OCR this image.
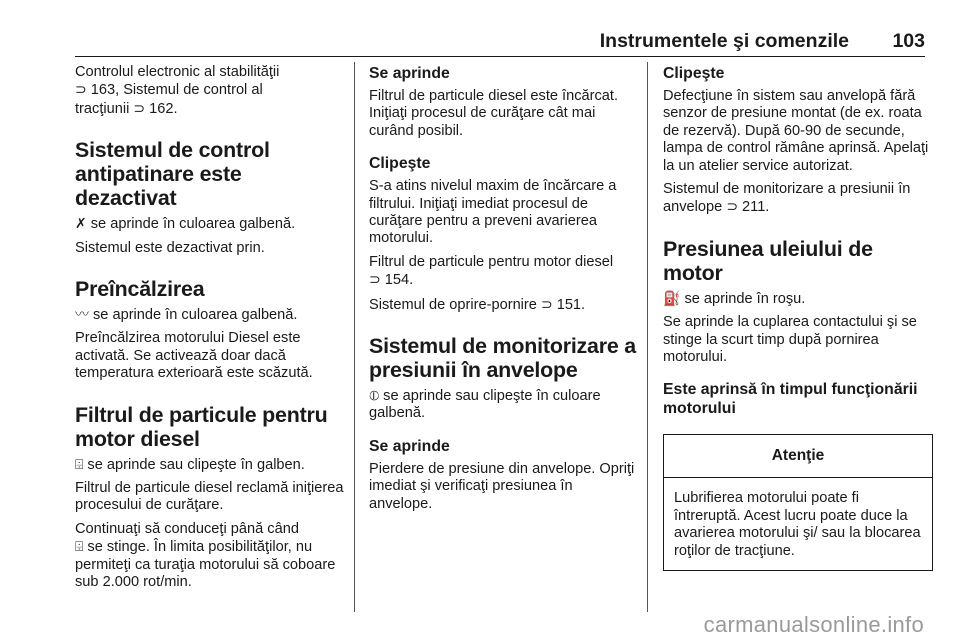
Instrumentele şi comenzile 103

Controlul electronic al stabilităţii
⊃ 163, Sistemul de control al
tracţiunii ⊃ 162.

Sistemul de control antipatinare este dezactivat

✗ se aprinde în culoarea galbenă.

Sistemul este dezactivat prin.

Preîncălzirea

〰 se aprinde în culoarea galbenă.

Preîncălzirea motorului Diesel este activată. Se activează doar dacă temperatura exterioară este scăzută.

Filtrul de particule pentru motor diesel

⌹ se aprinde sau clipeşte în galben.

Filtrul de particule diesel reclamă iniţierea procesului de curăţare.

Continuaţi să conduceţi până când
⌹ se stinge. În limita posibilităţilor, nu permiteţi ca turaţia motorului să coboare sub 2.000 rot/min.

Se aprinde

Filtrul de particule diesel este încărcat. Iniţiaţi procesul de curăţare cât mai curând posibil.

Clipeşte

S-a atins nivelul maxim de încărcare a filtrului. Iniţiaţi imediat procesul de curăţare pentru a preveni avarierea motorului.

Filtrul de particule pentru motor diesel
⊃ 154.

Sistemul de oprire-pornire ⊃ 151.

Sistemul de monitorizare a presiunii în anvelope

⦶ se aprinde sau clipeşte în culoare galbenă.

Se aprinde

Pierdere de presiune din anvelope. Opriţi imediat şi verificaţi presiunea în anvelope.

Clipeşte

Defecţiune în sistem sau anvelopă fără senzor de presiune montat (de ex. roata de rezervă). După 60-90 de secunde, lampa de control rămâne aprinsă. Apelaţi la un atelier service autorizat.

Sistemul de monitorizare a presiunii în anvelope ⊃ 211.

Presiunea uleiului de motor

⛽ se aprinde în roşu.

Se aprinde la cuplarea contactului şi se stinge la scurt timp după pornirea motorului.

Este aprinsă în timpul funcţionării motorului
Atenţie
Lubrifierea motorului poate fi întreruptă. Acest lucru poate duce la avarierea motorului şi/ sau la blocarea roţilor de tracţiune.
carmanualsonline.info
